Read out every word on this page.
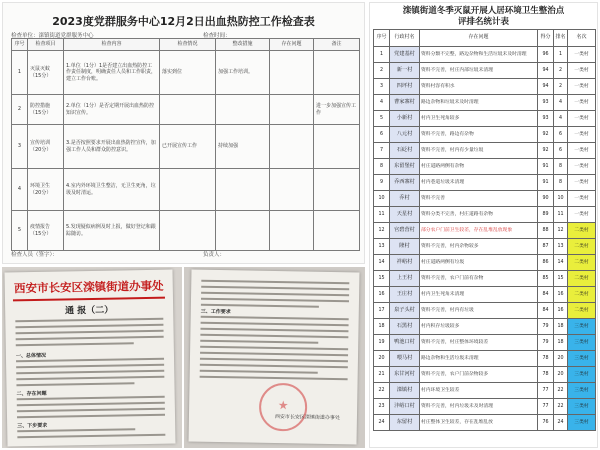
2023度党群服务中心12月2日出血热防控工作检查表
检查单位：滦镇街道党群服务中心	检查时间：
序号	检查项目	检查内容	检查情况	整改措施	存在问题	备注
1	灭鼠灭蚊（15分）	1.单位（1分）1是否建立出血热防控工作责任制度，明确责任人员和工作职责，建立工作台账。	落实到位	加强工作培训。		
2	防控措施（15分）	2.单位（1分）是否定期开展出血热防控知识宣传。				进一步加强宣传工作
3	宣传培训（20分）	3.是否按照要求开展出血热防控宣传，加强工作人员和群众防控意识。	已开展宣传工作	持续加强		
4	环境卫生（20分）	4.室内外环境卫生整洁，无卫生死角，垃圾及时清运。				
5	疫情报告（15分）	5.发现疑似病例及时上报，做好登记和跟踪随访。				
检查人员（签字）：	负责人：
西安市长安区滦镇街道办事处
通 报（二）
一、总体情况
二、存在问题
三、下步要求
三、工作要求
★
西安市长安区滦镇街道办事处
滦镇街道冬季灭鼠开展人居环境卫生整治点
评排名统计表
序号	行政村名	存在问题	得分	排名	名次
1	党建基村	资料分類不完整，路边杂物和生活垃圾未及时清理	96	1	一类村
2	新一村	资料不完善，村庄内部垃圾未清理	94	2	一类村
3	四坪村	资料村容有积水	94	2	一类村
4	曹家寨村	路边杂物和垃圾未及时清理	93	4	一类村
5	小新村	村内卫生死角较多	93	4	一类村
6	八元村	资料不完善，路边有杂物	92	6	一类村
7	石砭村	资料不完善，村内有少量垃圾	92	6	一类村
8	东留堡村	村庄道路两侧有杂物	91	8	一类村
9	乔西寨村	村内巷道垃圾未清理	91	8	一类村
10	乔村	资料不完善	90	10	一类村
11	天星村	资料分类不完善，村庄道路有杂物	89	11	一类村
12	官碧营村	部分农户门前卫生较差，存在乱堆乱放现象	88	12	二类村
13	隆村	资料不完善，村内杂物较多	87	13	二类村
14	祥峪村	村庄道路两侧有垃圾	86	14	二类村
15	上王村	资料不完善，农户门前有杂物	85	15	二类村
16	王庄村	村内卫生死角未清理	84	16	二类村
17	泉子头村	资料不完善，村内有垃圾	84	16	二类村
18	石黑村	村内积存垃圾较多	79	18	三类村
19	鸭池口村	资料不完善，村庄整体环境较差	79	18	三类村
20	喂马村	路边杂物和生活垃圾未清理	78	20	三类村
21	东甘河村	资料不完善，农户门前杂物较多	78	20	三类村
22	滦镇村	村内环境卫生较差	77	22	三类村
23	沣峪口村	资料不完善，村内垃圾未及时清理	77	22	三类村
24	东留村	村庄整体卫生较差，存在乱堆乱放	76	24	三类村
